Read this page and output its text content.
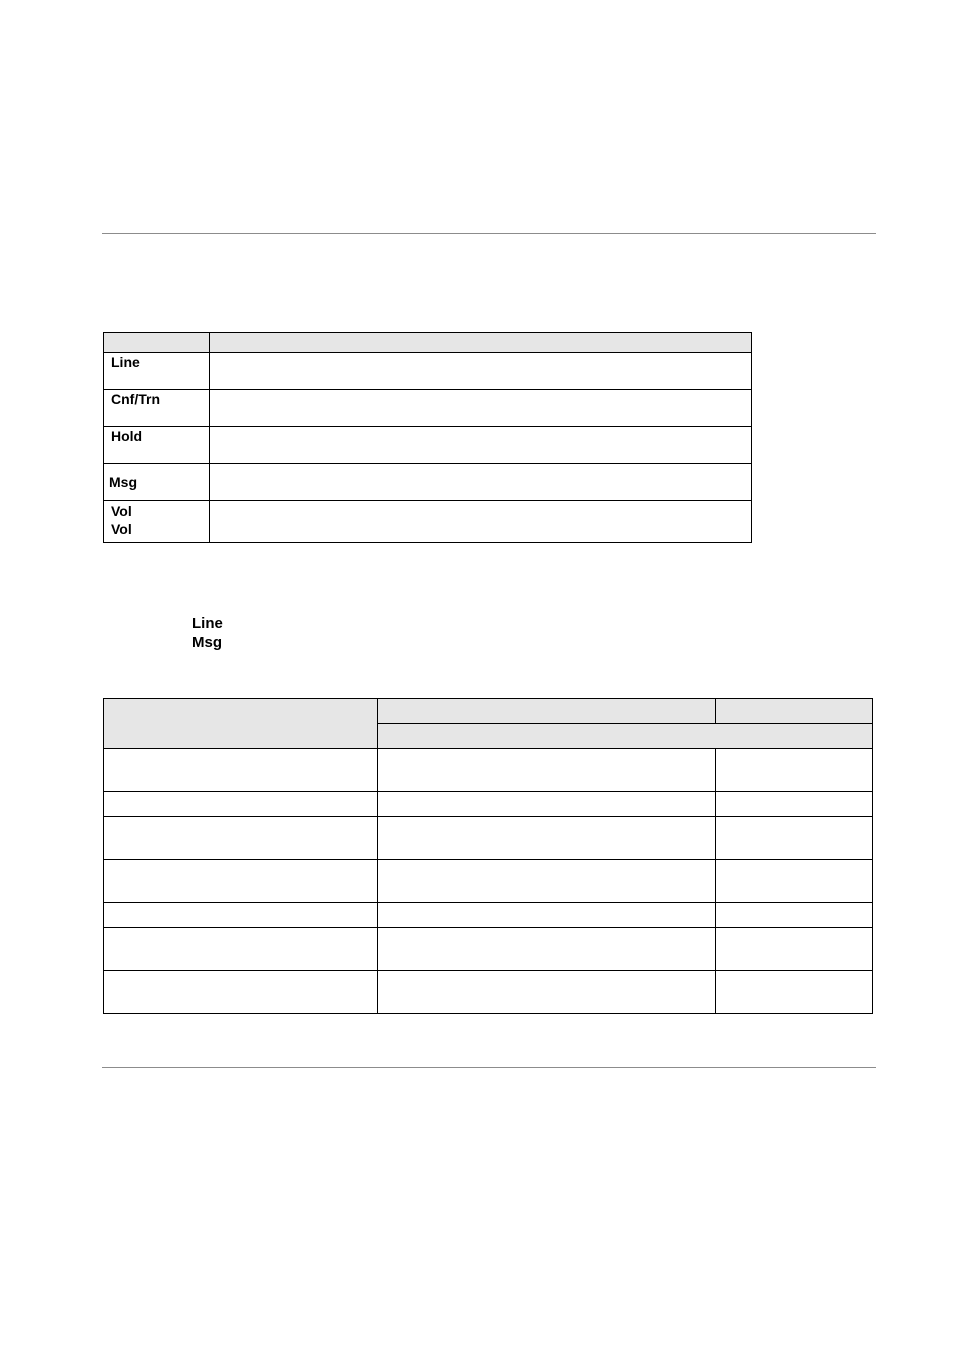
Line	

Cnf/Trn	

Hold	

Msg	

Vol
Vol	

Line
Msg
